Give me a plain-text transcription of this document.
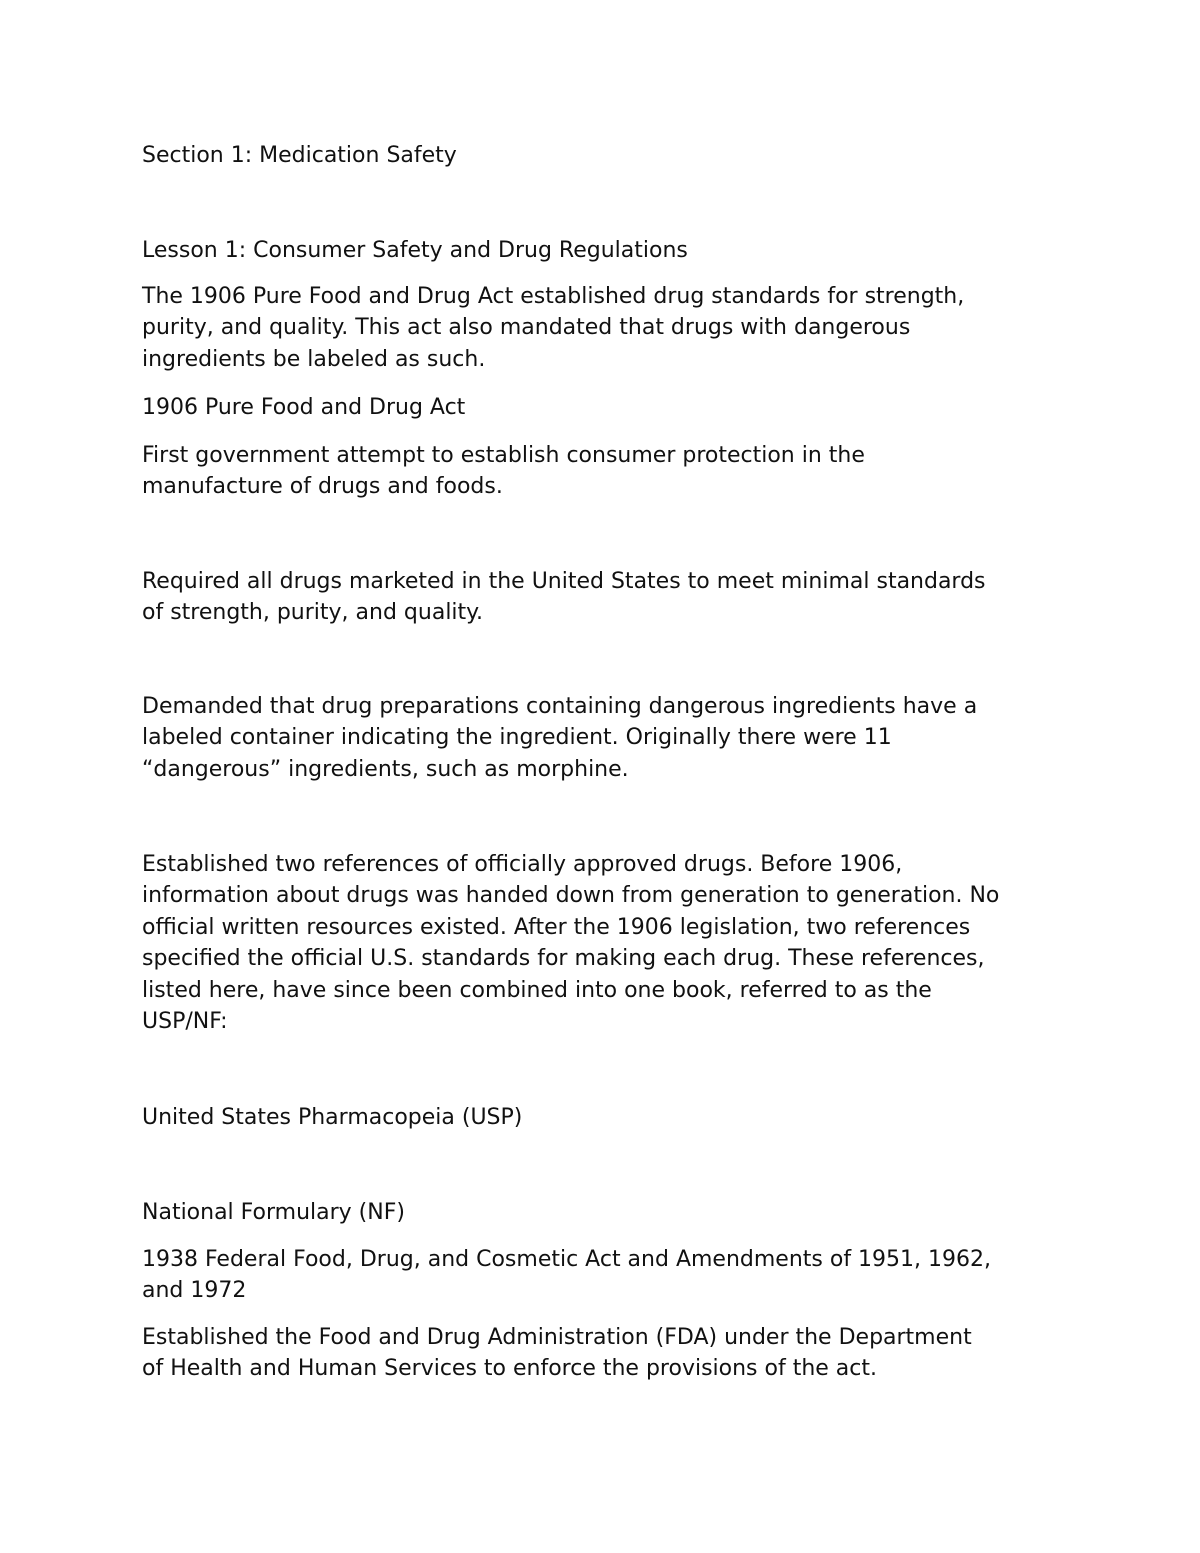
Section 1: Medication Safety

Lesson 1: Consumer Safety and Drug Regulations

The 1906 Pure Food and Drug Act established drug standards for strength,
purity, and quality. This act also mandated that drugs with dangerous
ingredients be labeled as such.

1906 Pure Food and Drug Act

First government attempt to establish consumer protection in the
manufacture of drugs and foods.

Required all drugs marketed in the United States to meet minimal standards
of strength, purity, and quality.

Demanded that drug preparations containing dangerous ingredients have a
labeled container indicating the ingredient. Originally there were 11
“dangerous” ingredients, such as morphine.

Established two references of officially approved drugs. Before 1906,
information about drugs was handed down from generation to generation. No
official written resources existed. After the 1906 legislation, two references
specified the official U.S. standards for making each drug. These references,
listed here, have since been combined into one book, referred to as the
USP/NF:

United States Pharmacopeia (USP)

National Formulary (NF)

1938 Federal Food, Drug, and Cosmetic Act and Amendments of 1951, 1962,
and 1972

Established the Food and Drug Administration (FDA) under the Department
of Health and Human Services to enforce the provisions of the act.
